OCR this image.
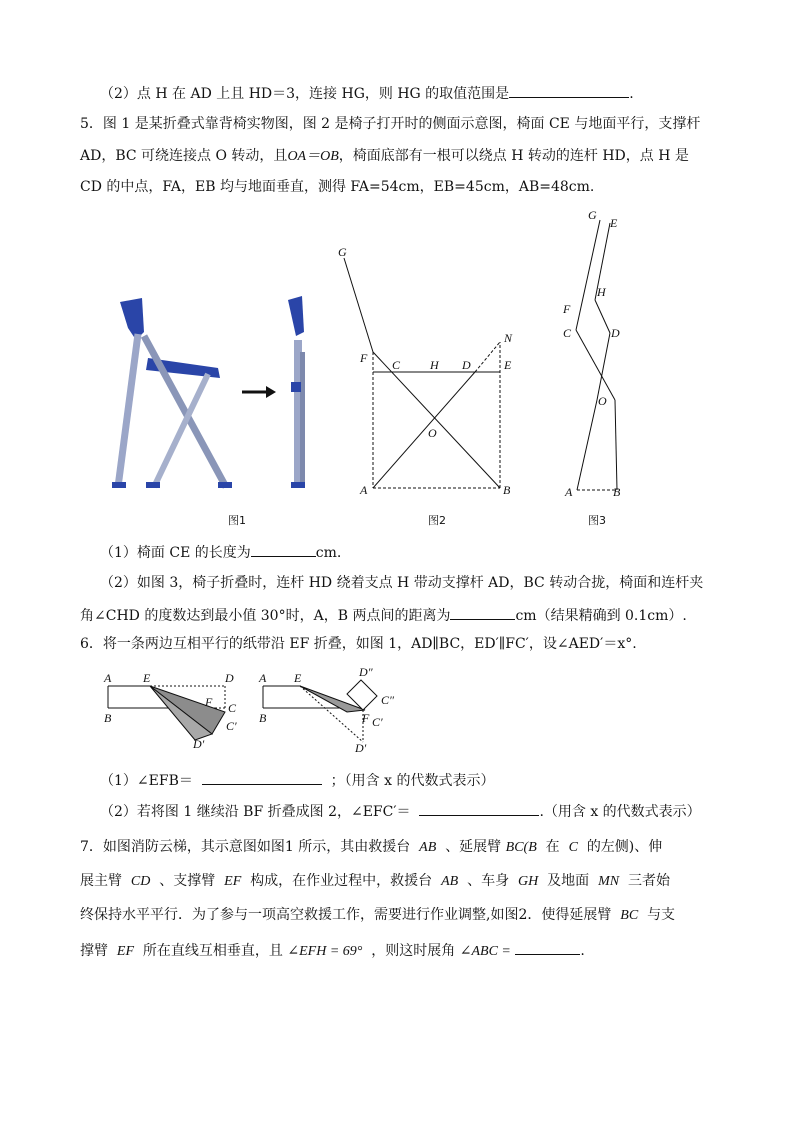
（2）点 H 在 AD 上且 HD＝3，连接 HG，则 HG 的取值范围是	.
5．图 1 是某折叠式靠背椅实物图，图 2 是椅子打开时的侧面示意图，椅面 CE 与地面平行，支撑杆
AD，BC 可绕连接点 O 转动，且OA＝OB，椅面底部有一根可以绕点 H 转动的连杆 HD，点 H 是
CD 的中点，FA，EB 均与地面垂直，测得 FA=54cm，EB=45cm，AB=48cm.
图1
G
F C H D	E
N
O
A	B
图2
G
E
F
H
C	D
O
A	B
图3
（1）椅面 CE 的长度为	cm.
（2）如图 3，椅子折叠时，连杆 HD 绕着支点 H 带动支撑杆 AD，BC 转动合拢，椅面和连杆夹
角∠CHD 的度数达到最小值 30°时，A，B 两点间的距离为	cm（结果精确到 0.1cm）.
6．将一条两边互相平行的纸带沿 EF 折叠，如图 1，AD∥BC，ED′∥FC′，设∠AED′＝x°.
A	E	D
B
F C
C′
D′
A E	D″
C″
B	F C′
D′
（1）∠EFB＝	；（用含 x 的代数式表示）
（2）若将图 1 继续沿 BF 折叠成图 2，∠EFC′＝	.（用含 x 的代数式表示）
7．如图消防云梯，其示意图如图1 所示，其由救援台 AB 、延展臂 BC(B 在 C 的左侧)、伸
展主臂 CD 、支撑臂 EF 构成，在作业过程中，救援台 AB 、车身 GH 及地面 MN 三者始
终保持水平平行．为了参与一项高空救援工作，需要进行作业调整,如图2．使得延展臂 BC 与支
撑臂 EF 所在直线互相垂直，且 ∠EFH = 69° ，则这时展角 ∠ABC =	.
